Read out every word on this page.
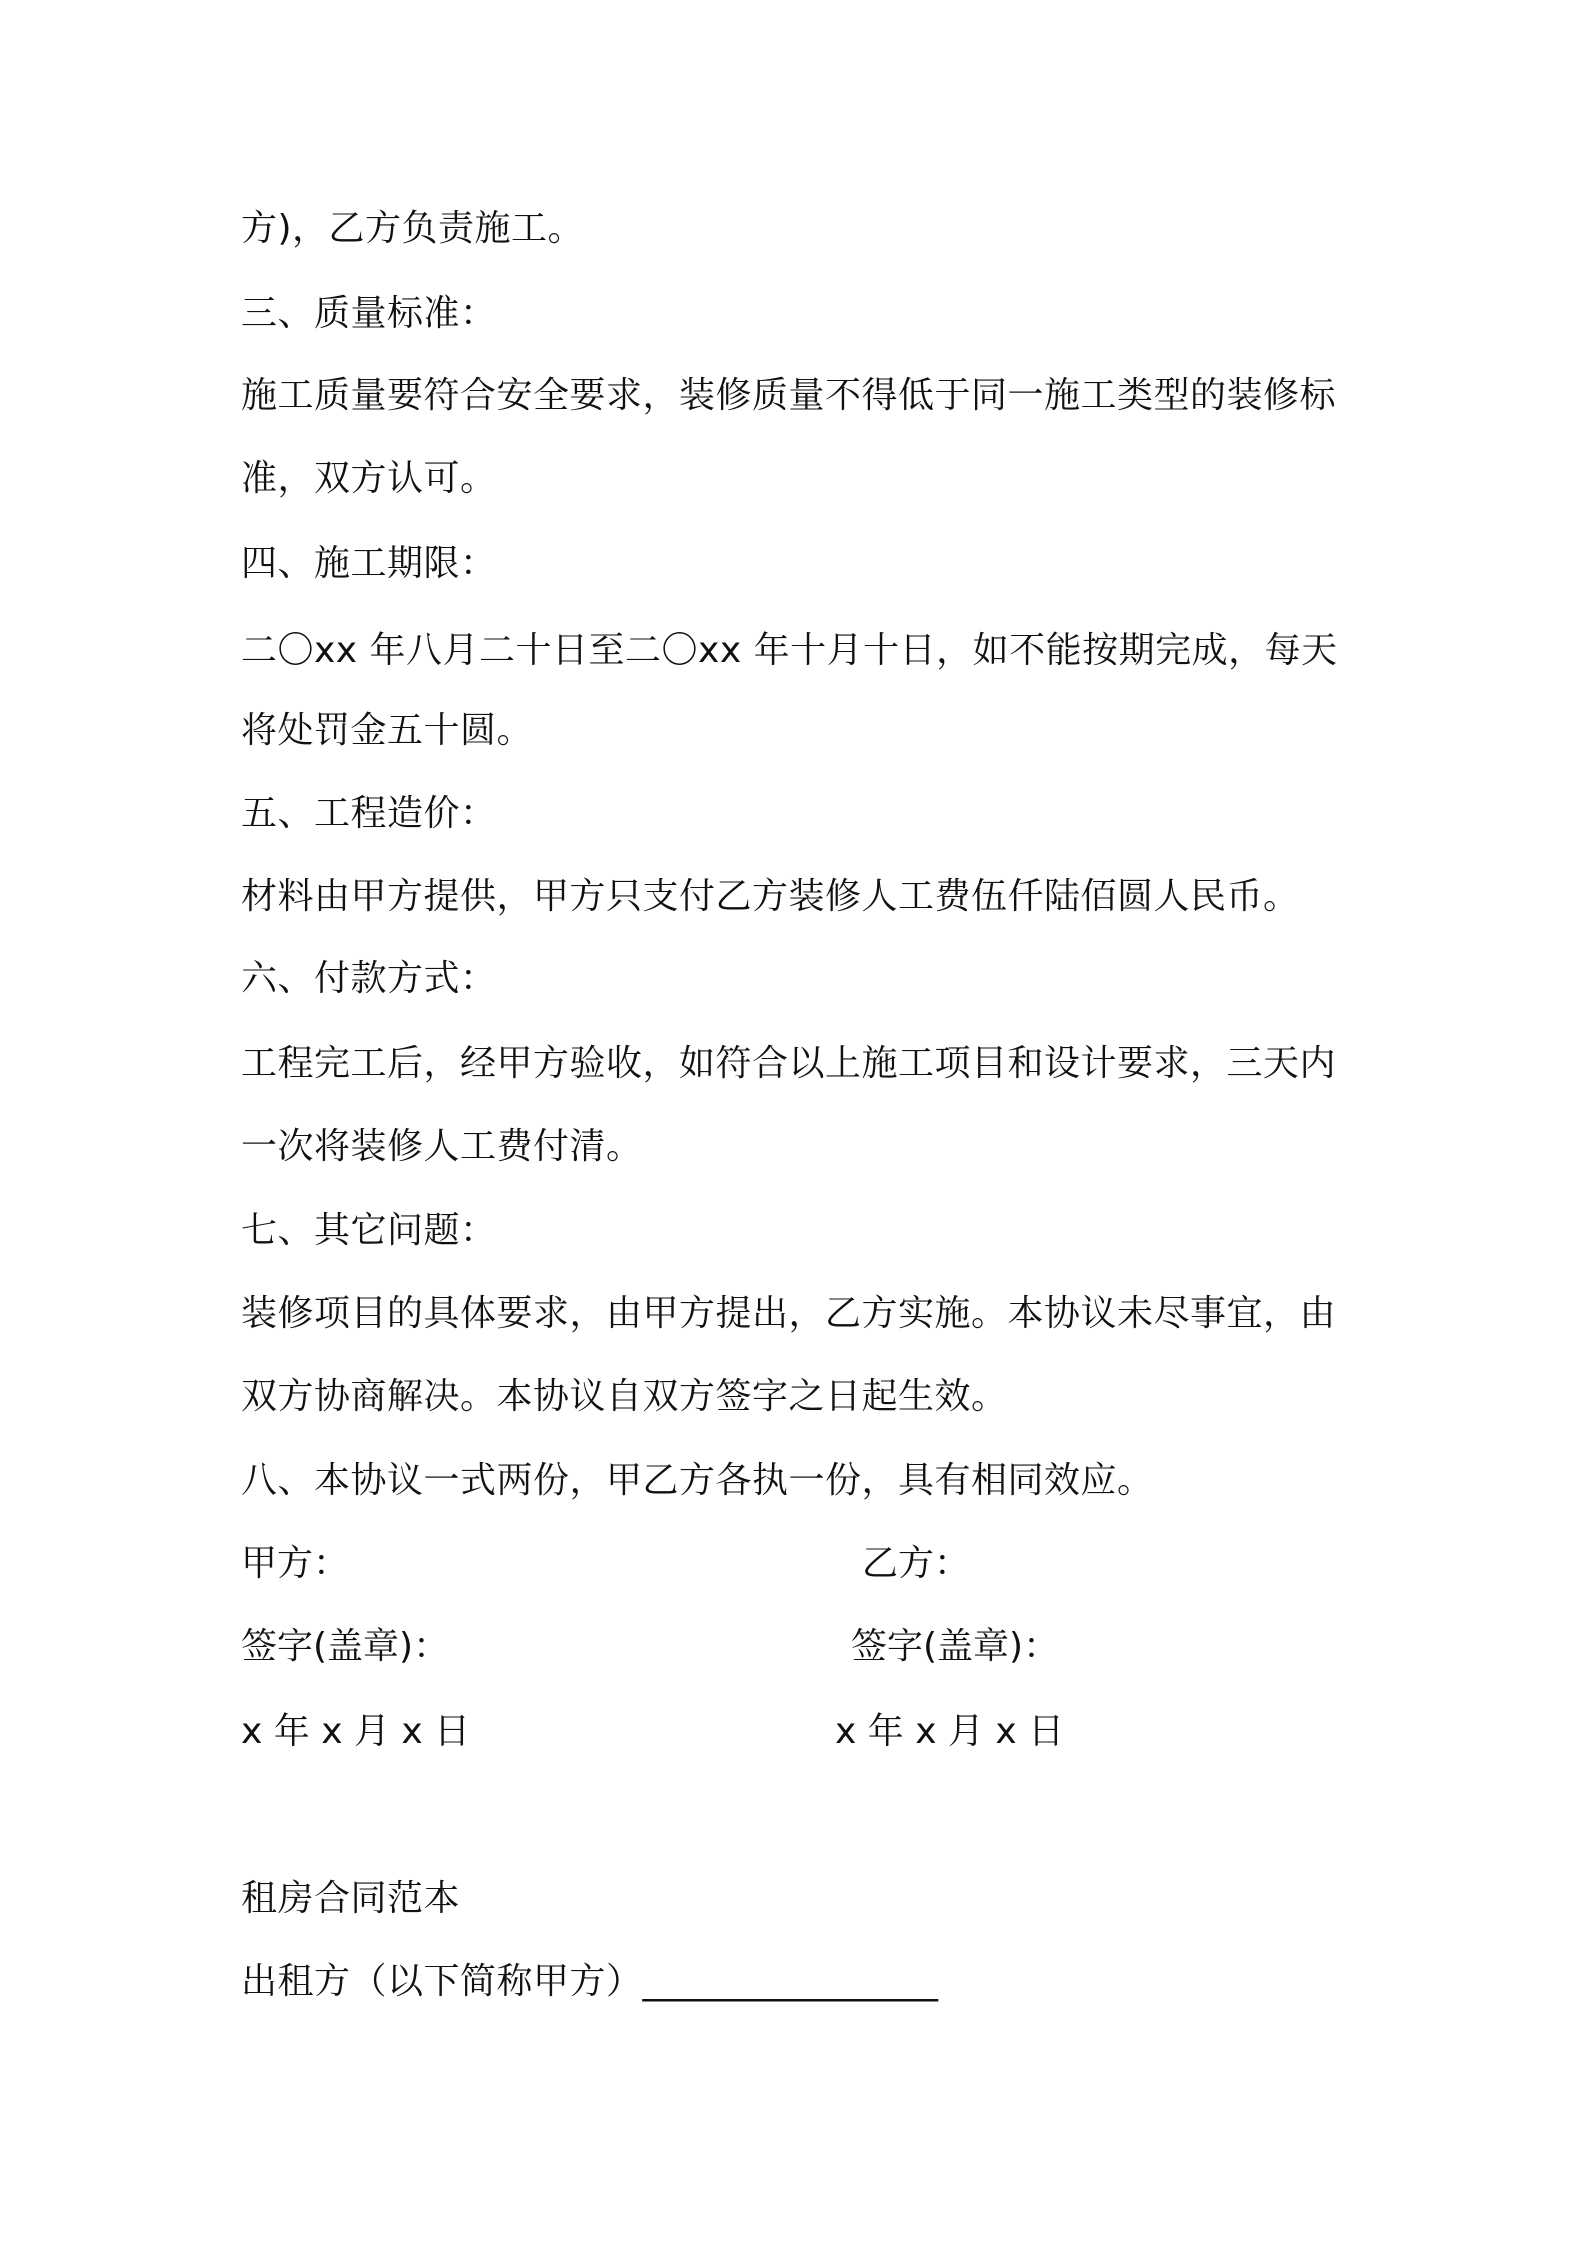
方)，乙方负责施工。
三、质量标准：
施工质量要符合安全要求，装修质量不得低于同一施工类型的装修标
准，双方认可。
四、施工期限：
二〇xx 年八月二十日至二〇xx 年十月十日，如不能按期完成，每天
将处罚金五十圆。
五、工程造价：
材料由甲方提供，甲方只支付乙方装修人工费伍仟陆佰圆人民币。
六、付款方式：
工程完工后，经甲方验收，如符合以上施工项目和设计要求，三天内
一次将装修人工费付清。
七、其它问题：
装修项目的具体要求，由甲方提出，乙方实施。本协议未尽事宜，由
双方协商解决。本协议自双方签字之日起生效。
八、本协议一式两份，甲乙方各执一份，具有相同效应。
甲方：	乙方：
签字(盖章)：	签字(盖章)：
x 年 x 月 x 日	x 年 x 月 x 日
租房合同范本
出租方（以下简称甲方）________________
